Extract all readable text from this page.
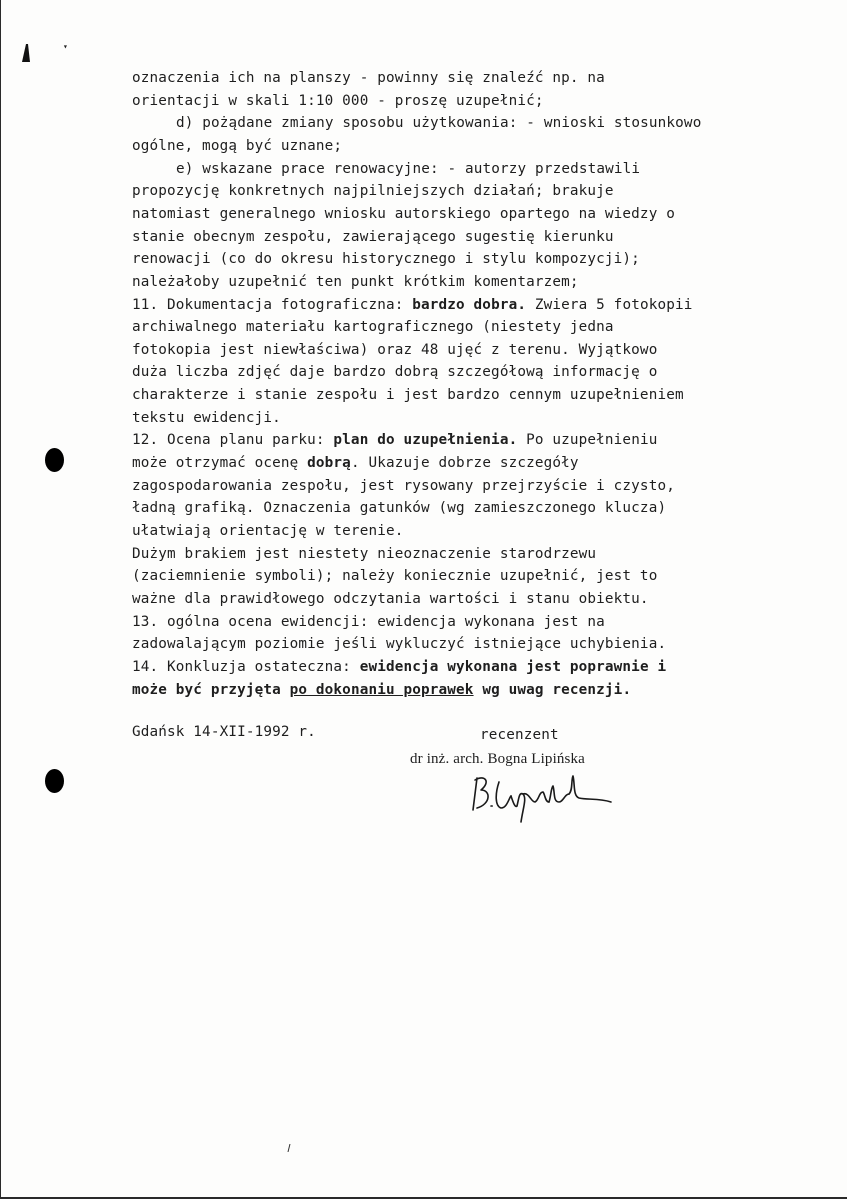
▾
oznaczenia ich na planszy - powinny się znaleźć np. na
orientacji w skali 1:10 000 - proszę uzupełnić;
d) pożądane zmiany sposobu użytkowania: - wnioski stosunkowo
ogólne, mogą być uznane;
e) wskazane prace renowacyjne: - autorzy przedstawili
propozycję konkretnych najpilniejszych działań; brakuje
natomiast generalnego wniosku autorskiego opartego na wiedzy o
stanie obecnym zespołu, zawierającego sugestię kierunku
renowacji (co do okresu historycznego i stylu kompozycji);
należałoby uzupełnić ten punkt krótkim komentarzem;
11. Dokumentacja fotograficzna: bardzo dobra. Zwiera 5 fotokopii
archiwalnego materiału kartograficznego (niestety jedna
fotokopia jest niewłaściwa) oraz 48 ujęć z terenu. Wyjątkowo
duża liczba zdjęć daje bardzo dobrą szczegółową informację o
charakterze i stanie zespołu i jest bardzo cennym uzupełnieniem
tekstu ewidencji.
12. Ocena planu parku: plan do uzupełnienia. Po uzupełnieniu
może otrzymać ocenę dobrą. Ukazuje dobrze szczegóły
zagospodarowania zespołu, jest rysowany przejrzyście i czysto,
ładną grafiką. Oznaczenia gatunków (wg zamieszczonego klucza)
ułatwiają orientację w terenie.
Dużym brakiem jest niestety nieoznaczenie starodrzewu
(zaciemnienie symboli); należy koniecznie uzupełnić, jest to
ważne dla prawidłowego odczytania wartości i stanu obiektu.
13. ogólna ocena ewidencji: ewidencja wykonana jest na
zadowalającym poziomie jeśli wykluczyć istniejące uchybienia.
14. Konkluzja ostateczna: ewidencja wykonana jest poprawnie i
może być przyjęta po dokonaniu poprawek wg uwag recenzji.
Gdańsk 14-XII-1992 r.	recenzent
dr inż. arch. Bogna Lipińska
